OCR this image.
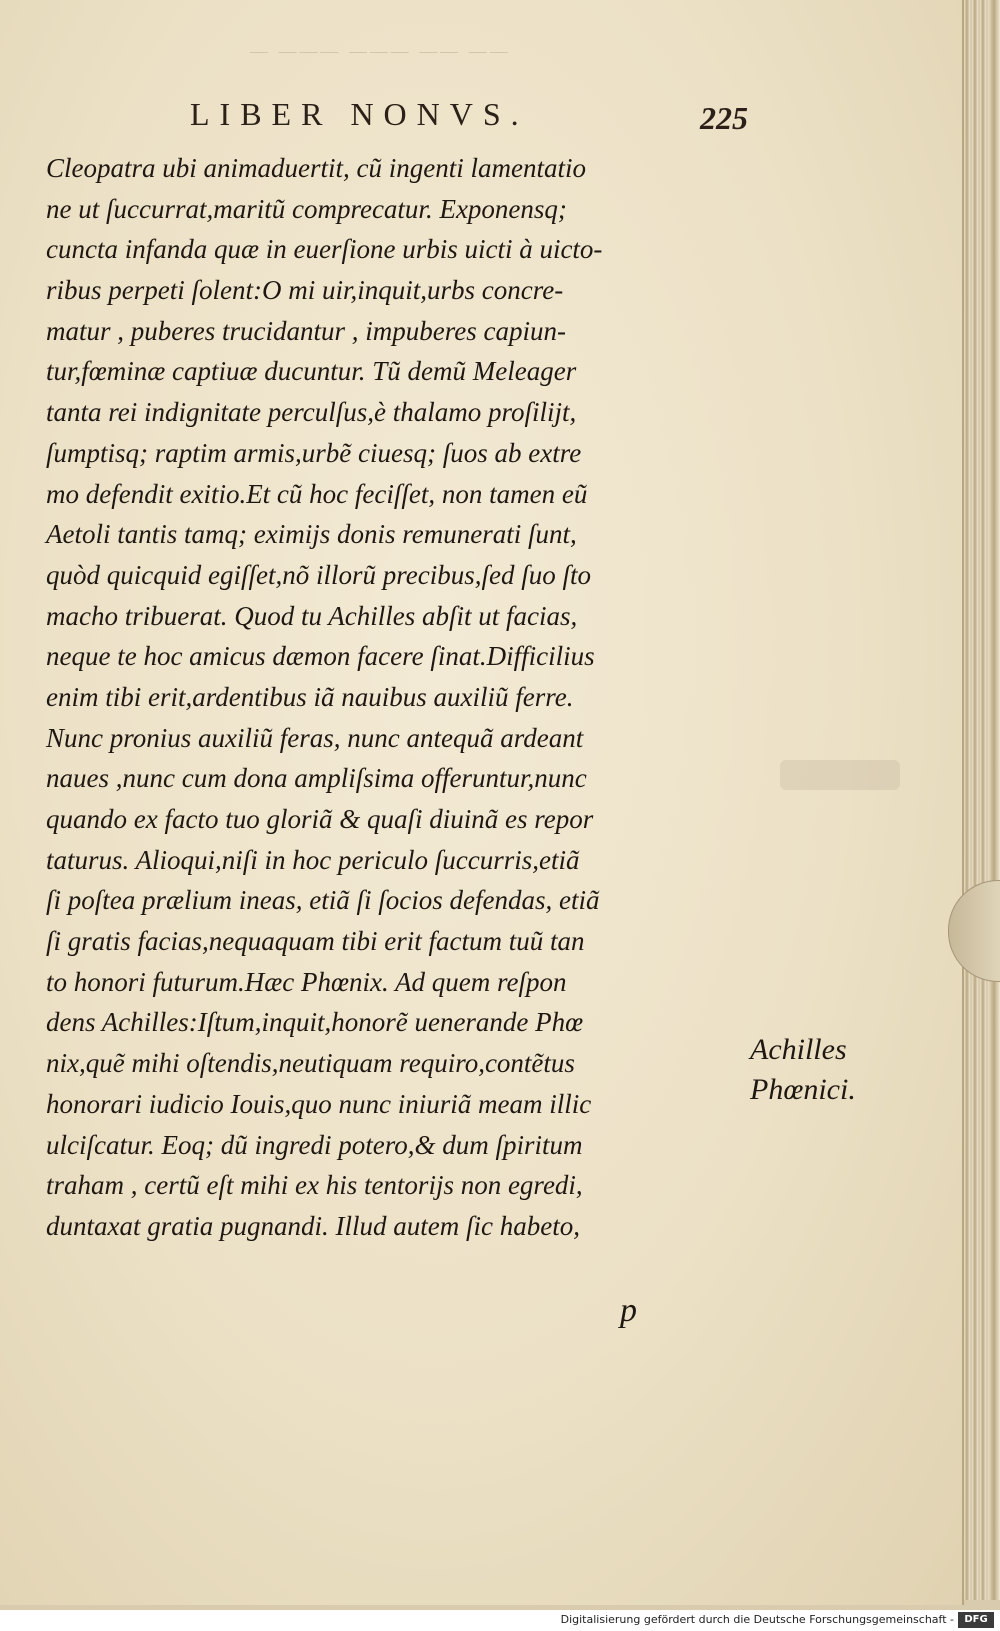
— ——— ——— —— ——
LIBER NONVS.	225
Cleopatra ubi animaduertit, cũ ingenti lamentatio
ne ut ſuccurrat,maritũ comprecatur. Exponensq;
cuncta infanda quæ in euerſione urbis uicti à uicto-
ribus perpeti ſolent:O mi uir,inquit,urbs concre-
matur , puberes trucidantur , impuberes capiun-
tur,fœminæ captiuæ ducuntur. Tũ demũ Meleager
tanta rei indignitate perculſus,è thalamo proſilijt,
ſumptisq; raptim armis,urbẽ ciuesq; ſuos ab extre
mo defendit exitio.Et cũ hoc feciſſet, non tamen eũ
Aetoli tantis tamq; eximijs donis remunerati ſunt,
quòd quicquid egiſſet,nõ illorũ precibus,ſed ſuo ſto
macho tribuerat. Quod tu Achilles abſit ut facias,
neque te hoc amicus dæmon facere ſinat.Difficilius
enim tibi erit,ardentibus iã nauibus auxiliũ ferre.
Nunc pronius auxiliũ feras, nunc antequã ardeant
naues ,nunc cum dona ampliſsima offeruntur,nunc
quando ex facto tuo gloriã & quaſi diuinã es repor
taturus. Alioqui,niſi in hoc periculo ſuccurris,etiã
ſi poſtea prælium ineas, etiã ſi ſocios defendas, etiã
ſi gratis facias,nequaquam tibi erit factum tuũ tan
to honori futurum.Hæc Phœnix. Ad quem reſpon
dens Achilles:Iſtum,inquit,honorẽ uenerande Phœ
nix,quẽ mihi oſtendis,neutiquam requiro,contẽtus
honorari iudicio Iouis,quo nunc iniuriã meam illic
ulciſcatur. Eoq; dũ ingredi potero,& dum ſpiritum
traham , certũ eſt mihi ex his tentorijs non egredi,
duntaxat gratia pugnandi. Illud autem ſic habeto,
Achilles
Phœnici.
p
Digitalisierung gefördert durch die Deutsche Forschungsgemeinschaft -	DFG
